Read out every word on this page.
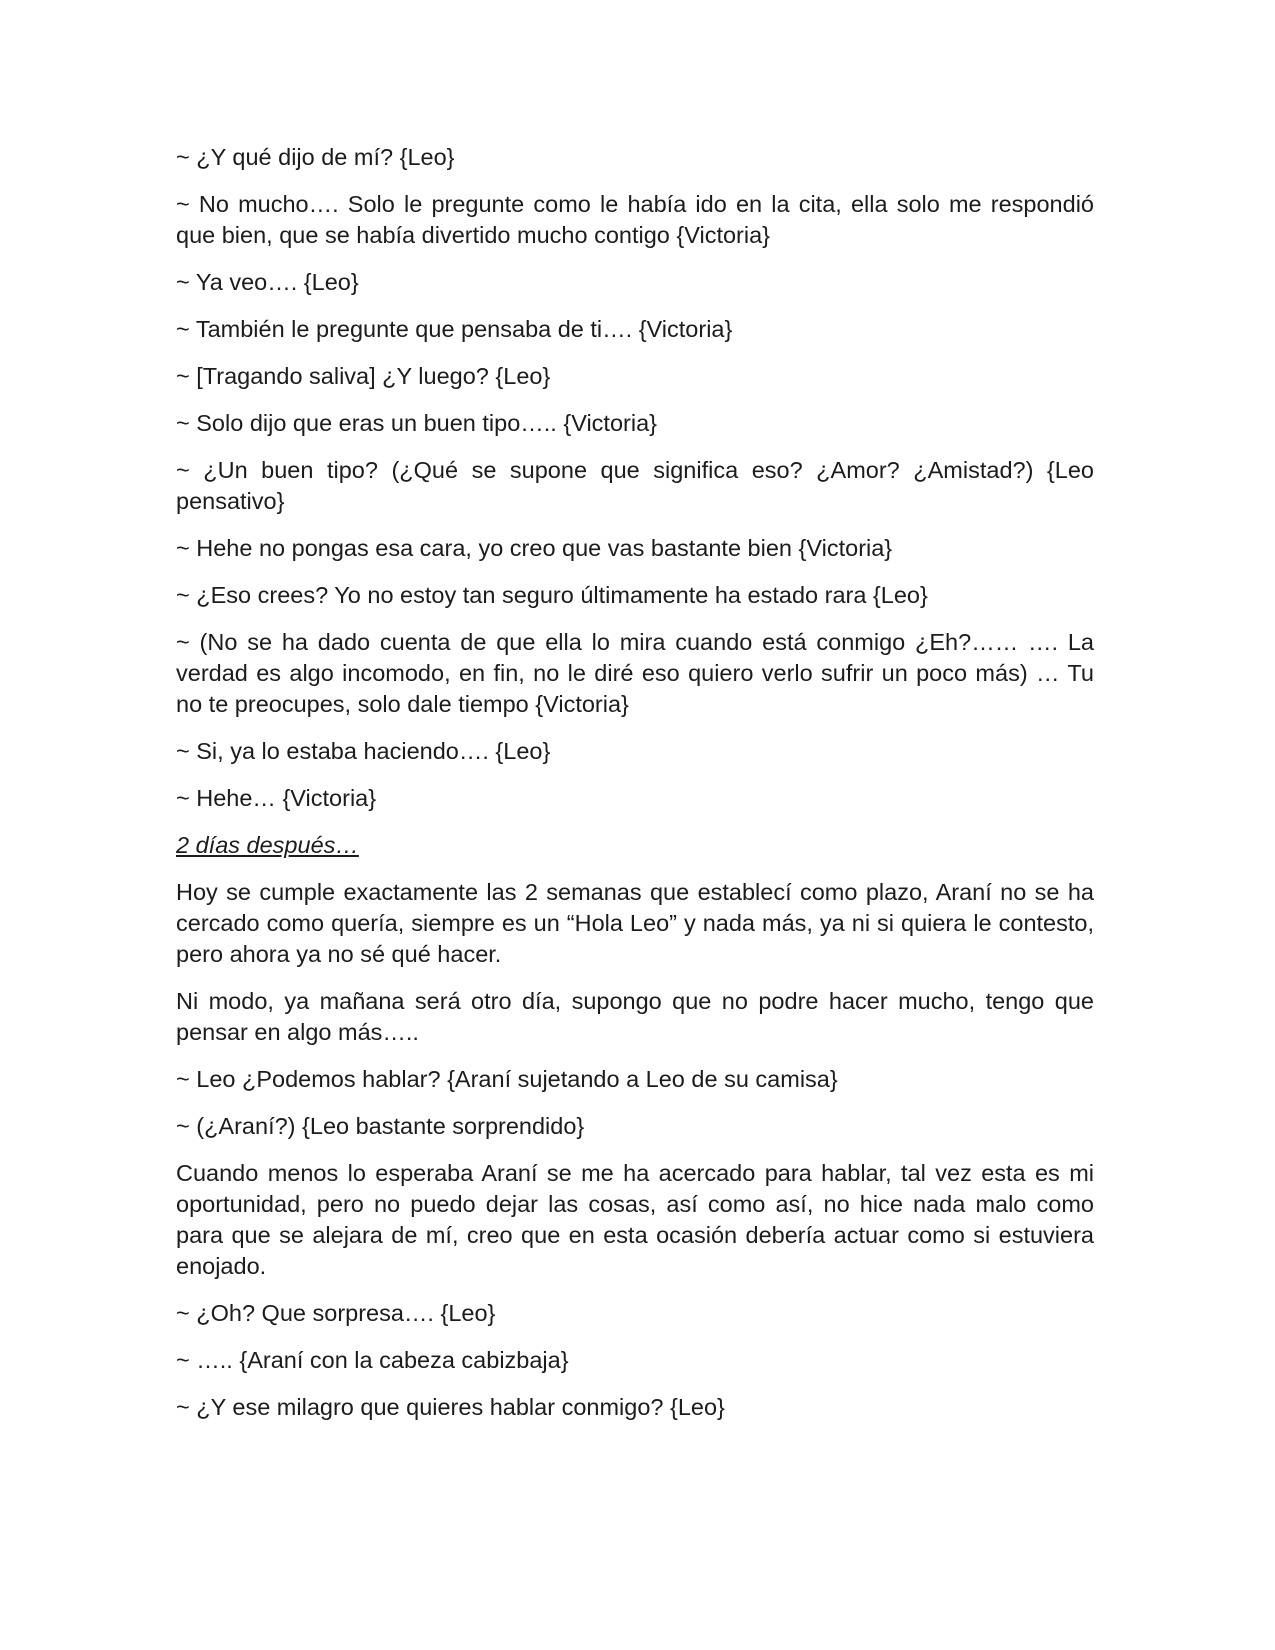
~ ¿Y qué dijo de mí? {Leo}

~ No mucho…. Solo le pregunte como le había ido en la cita, ella solo me respondió que bien, que se había divertido mucho contigo {Victoria}

~ Ya veo…. {Leo}

~ También le pregunte que pensaba de ti…. {Victoria}

~ [Tragando saliva] ¿Y luego? {Leo}

~ Solo dijo que eras un buen tipo….. {Victoria}

~ ¿Un buen tipo? (¿Qué se supone que significa eso? ¿Amor? ¿Amistad?) {Leo pensativo}

~ Hehe no pongas esa cara, yo creo que vas bastante bien {Victoria}

~ ¿Eso crees? Yo no estoy tan seguro últimamente ha estado rara {Leo}

~ (No se ha dado cuenta de que ella lo mira cuando está conmigo ¿Eh?…… …. La verdad es algo incomodo, en fin, no le diré eso quiero verlo sufrir un poco más) … Tu no te preocupes, solo dale tiempo {Victoria}

~ Si, ya lo estaba haciendo…. {Leo}

~ Hehe… {Victoria}

2 días después…

Hoy se cumple exactamente las 2 semanas que establecí como plazo, Araní no se ha cercado como quería, siempre es un “Hola Leo” y nada más, ya ni si quiera le contesto, pero ahora ya no sé qué hacer.

Ni modo, ya mañana será otro día, supongo que no podre hacer mucho, tengo que pensar en algo más…..

~ Leo ¿Podemos hablar? {Araní sujetando a Leo de su camisa}

~ (¿Araní?) {Leo bastante sorprendido}

Cuando menos lo esperaba Araní se me ha acercado para hablar, tal vez esta es mi oportunidad, pero no puedo dejar las cosas, así como así, no hice nada malo como para que se alejara de mí, creo que en esta ocasión debería actuar como si estuviera enojado.

~ ¿Oh? Que sorpresa…. {Leo}

~ ….. {Araní con la cabeza cabizbaja}

~ ¿Y ese milagro que quieres hablar conmigo? {Leo}
